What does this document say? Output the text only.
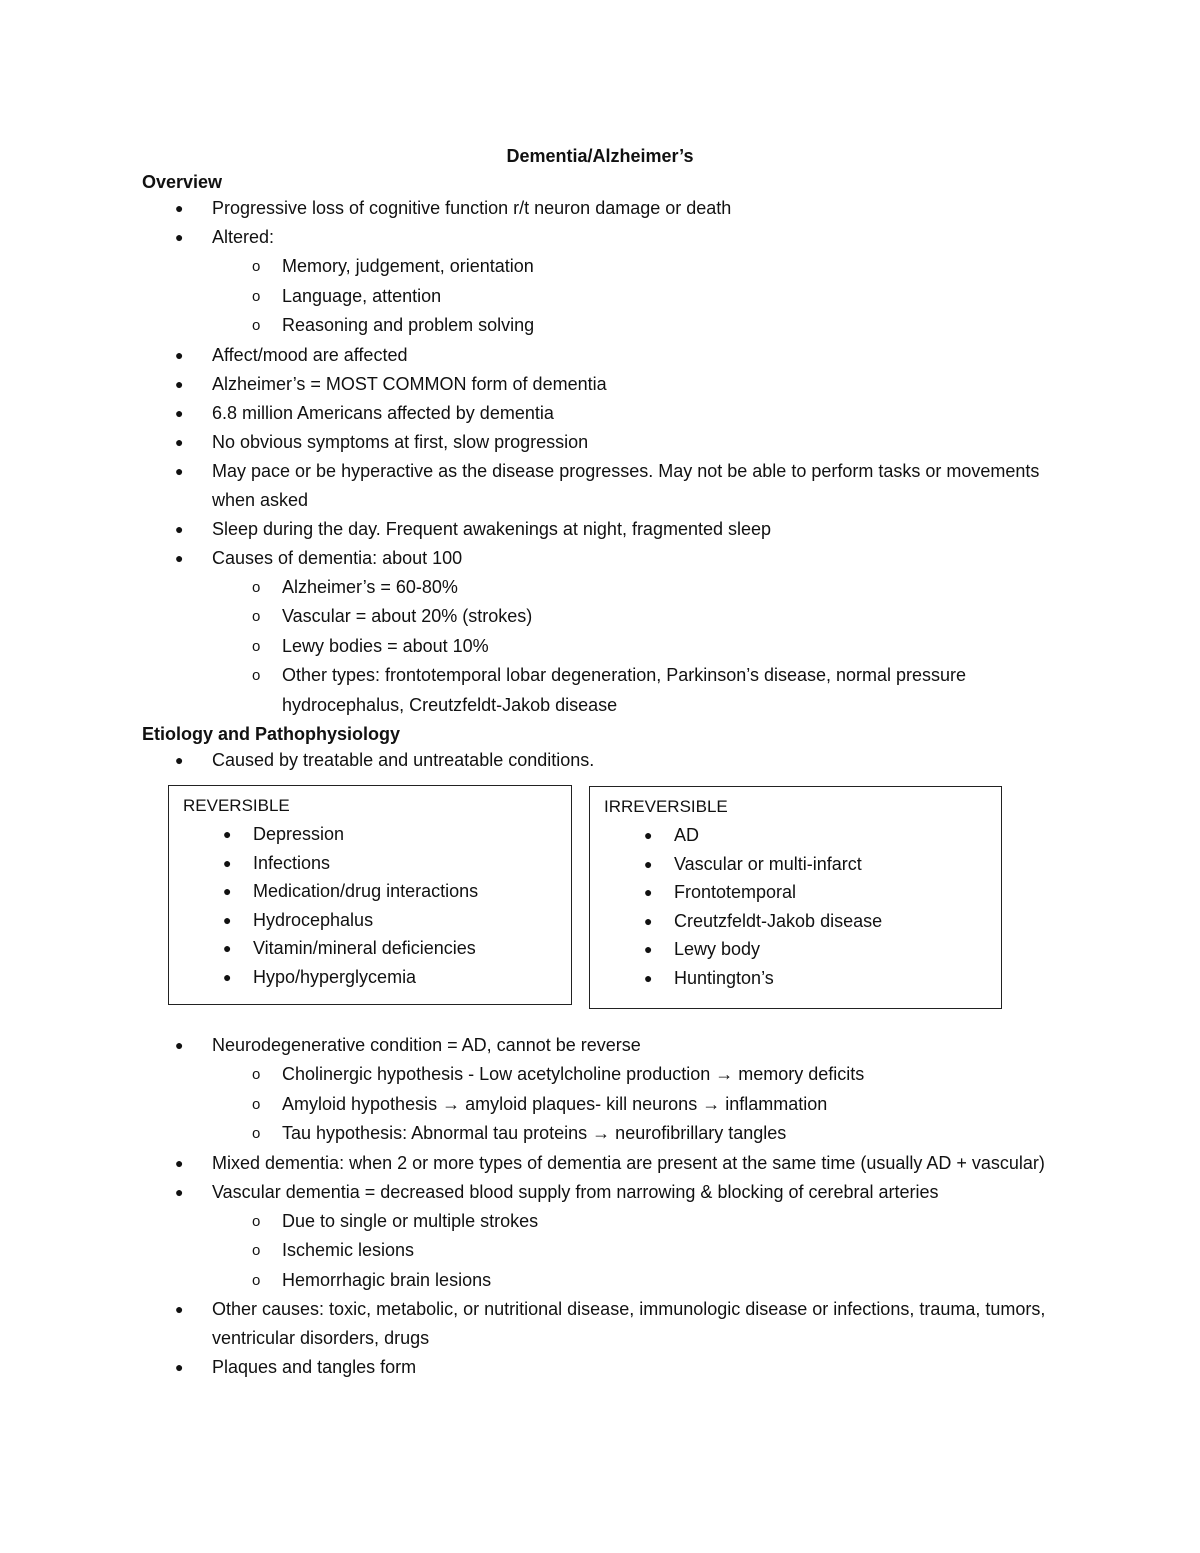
Dementia/Alzheimer’s
Overview
● Progressive loss of cognitive function r/t neuron damage or death
● Altered:
o Memory, judgement, orientation
o Language, attention
o Reasoning and problem solving
● Affect/mood are affected
● Alzheimer’s = MOST COMMON form of dementia
● 6.8 million Americans affected by dementia
● No obvious symptoms at first, slow progression
● May pace or be hyperactive as the disease progresses. May not be able to perform tasks or movements when asked
● Sleep during the day. Frequent awakenings at night, fragmented sleep
● Causes of dementia: about 100
o Alzheimer’s = 60-80%
o Vascular = about 20% (strokes)
o Lewy bodies = about 10%
o Other types: frontotemporal lobar degeneration, Parkinson’s disease, normal pressure hydrocephalus, Creutzfeldt-Jakob disease
Etiology and Pathophysiology
● Caused by treatable and untreatable conditions.
REVERSIBLE
● Depression
● Infections
● Medication/drug interactions
● Hydrocephalus
● Vitamin/mineral deficiencies
● Hypo/hyperglycemia
IRREVERSIBLE
● AD
● Vascular or multi-infarct
● Frontotemporal
● Creutzfeldt-Jakob disease
● Lewy body
● Huntington’s
● Neurodegenerative condition = AD, cannot be reverse
o Cholinergic hypothesis - Low acetylcholine production → memory deficits
o Amyloid hypothesis → amyloid plaques- kill neurons → inflammation
o Tau hypothesis: Abnormal tau proteins → neurofibrillary tangles
● Mixed dementia: when 2 or more types of dementia are present at the same time (usually AD + vascular)
● Vascular dementia = decreased blood supply from narrowing & blocking of cerebral arteries
o Due to single or multiple strokes
o Ischemic lesions
o Hemorrhagic brain lesions
● Other causes: toxic, metabolic, or nutritional disease, immunologic disease or infections, trauma, tumors, ventricular disorders, drugs
● Plaques and tangles form
